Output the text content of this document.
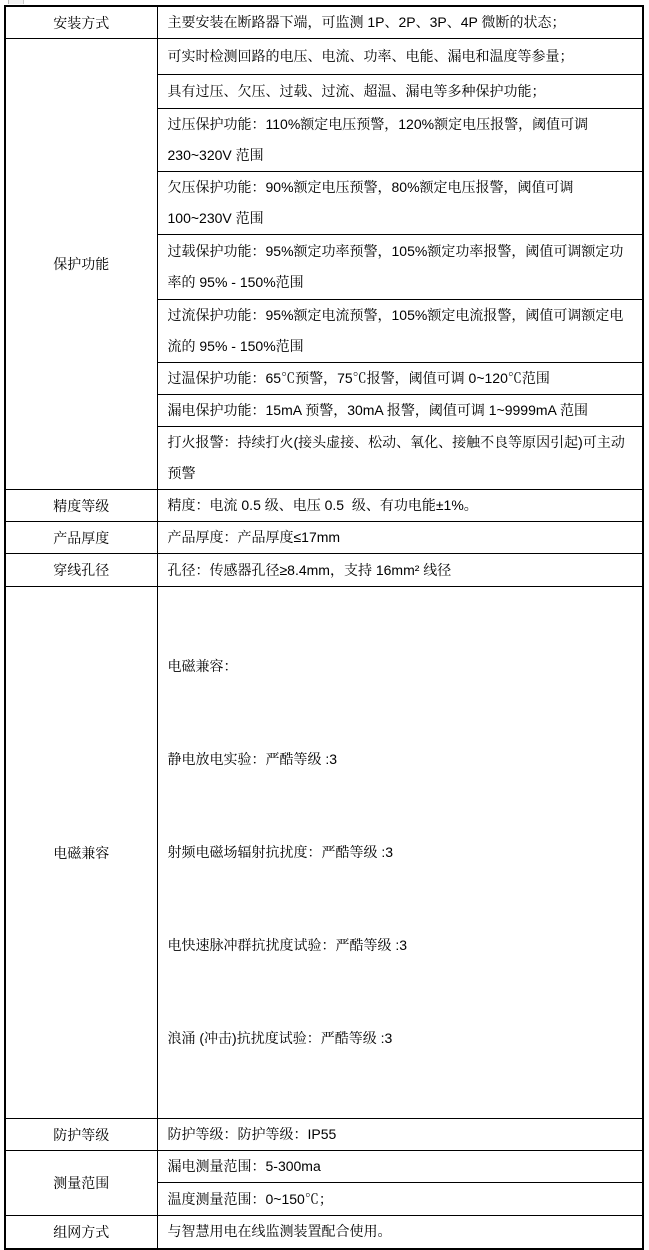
安装方式	主要安装在断路器下端，可监测 1P、2P、3P、4P 微断的状态；
保护功能	可实时检测回路的电压、电流、功率、电能、漏电和温度等参量；
	具有过压、欠压、过载、过流、超温、漏电等多种保护功能；
	过压保护功能：110%额定电压预警，120%额定电压报警，阈值可调 230~320V 范围
	欠压保护功能：90%额定电压预警，80%额定电压报警，阈值可调 100~230V 范围
	过载保护功能：95%额定功率预警，105%额定功率报警，阈值可调额定功率的 95% - 150%范围
	过流保护功能：95%额定电流预警，105%额定电流报警，阈值可调额定电流的 95% - 150%范围
	过温保护功能：65℃预警，75℃报警，阈值可调 0~120℃范围
	漏电保护功能：15mA 预警，30mA 报警，阈值可调 1~9999mA 范围
	打火报警：持续打火(接头虚接、松动、氧化、接触不良等原因引起)可主动预警
精度等级	精度：电流 0.5 级、电压 0.5  级、有功电能±1%。
产品厚度	产品厚度：产品厚度≤17mm
穿线孔径	孔径：传感器孔径≥8.4mm，支持 16mm² 线径
电磁兼容	电磁兼容：

静电放电实验：严酷等级 :3

射频电磁场辐射抗扰度：严酷等级 :3

电快速脉冲群抗扰度试验：严酷等级 :3

浪涌 (冲击)抗扰度试验：严酷等级 :3

防护等级	防护等级：防护等级：IP55
测量范围	漏电测量范围：5-300ma
	温度测量范围：0~150℃；
组网方式	与智慧用电在线监测装置配合使用。
